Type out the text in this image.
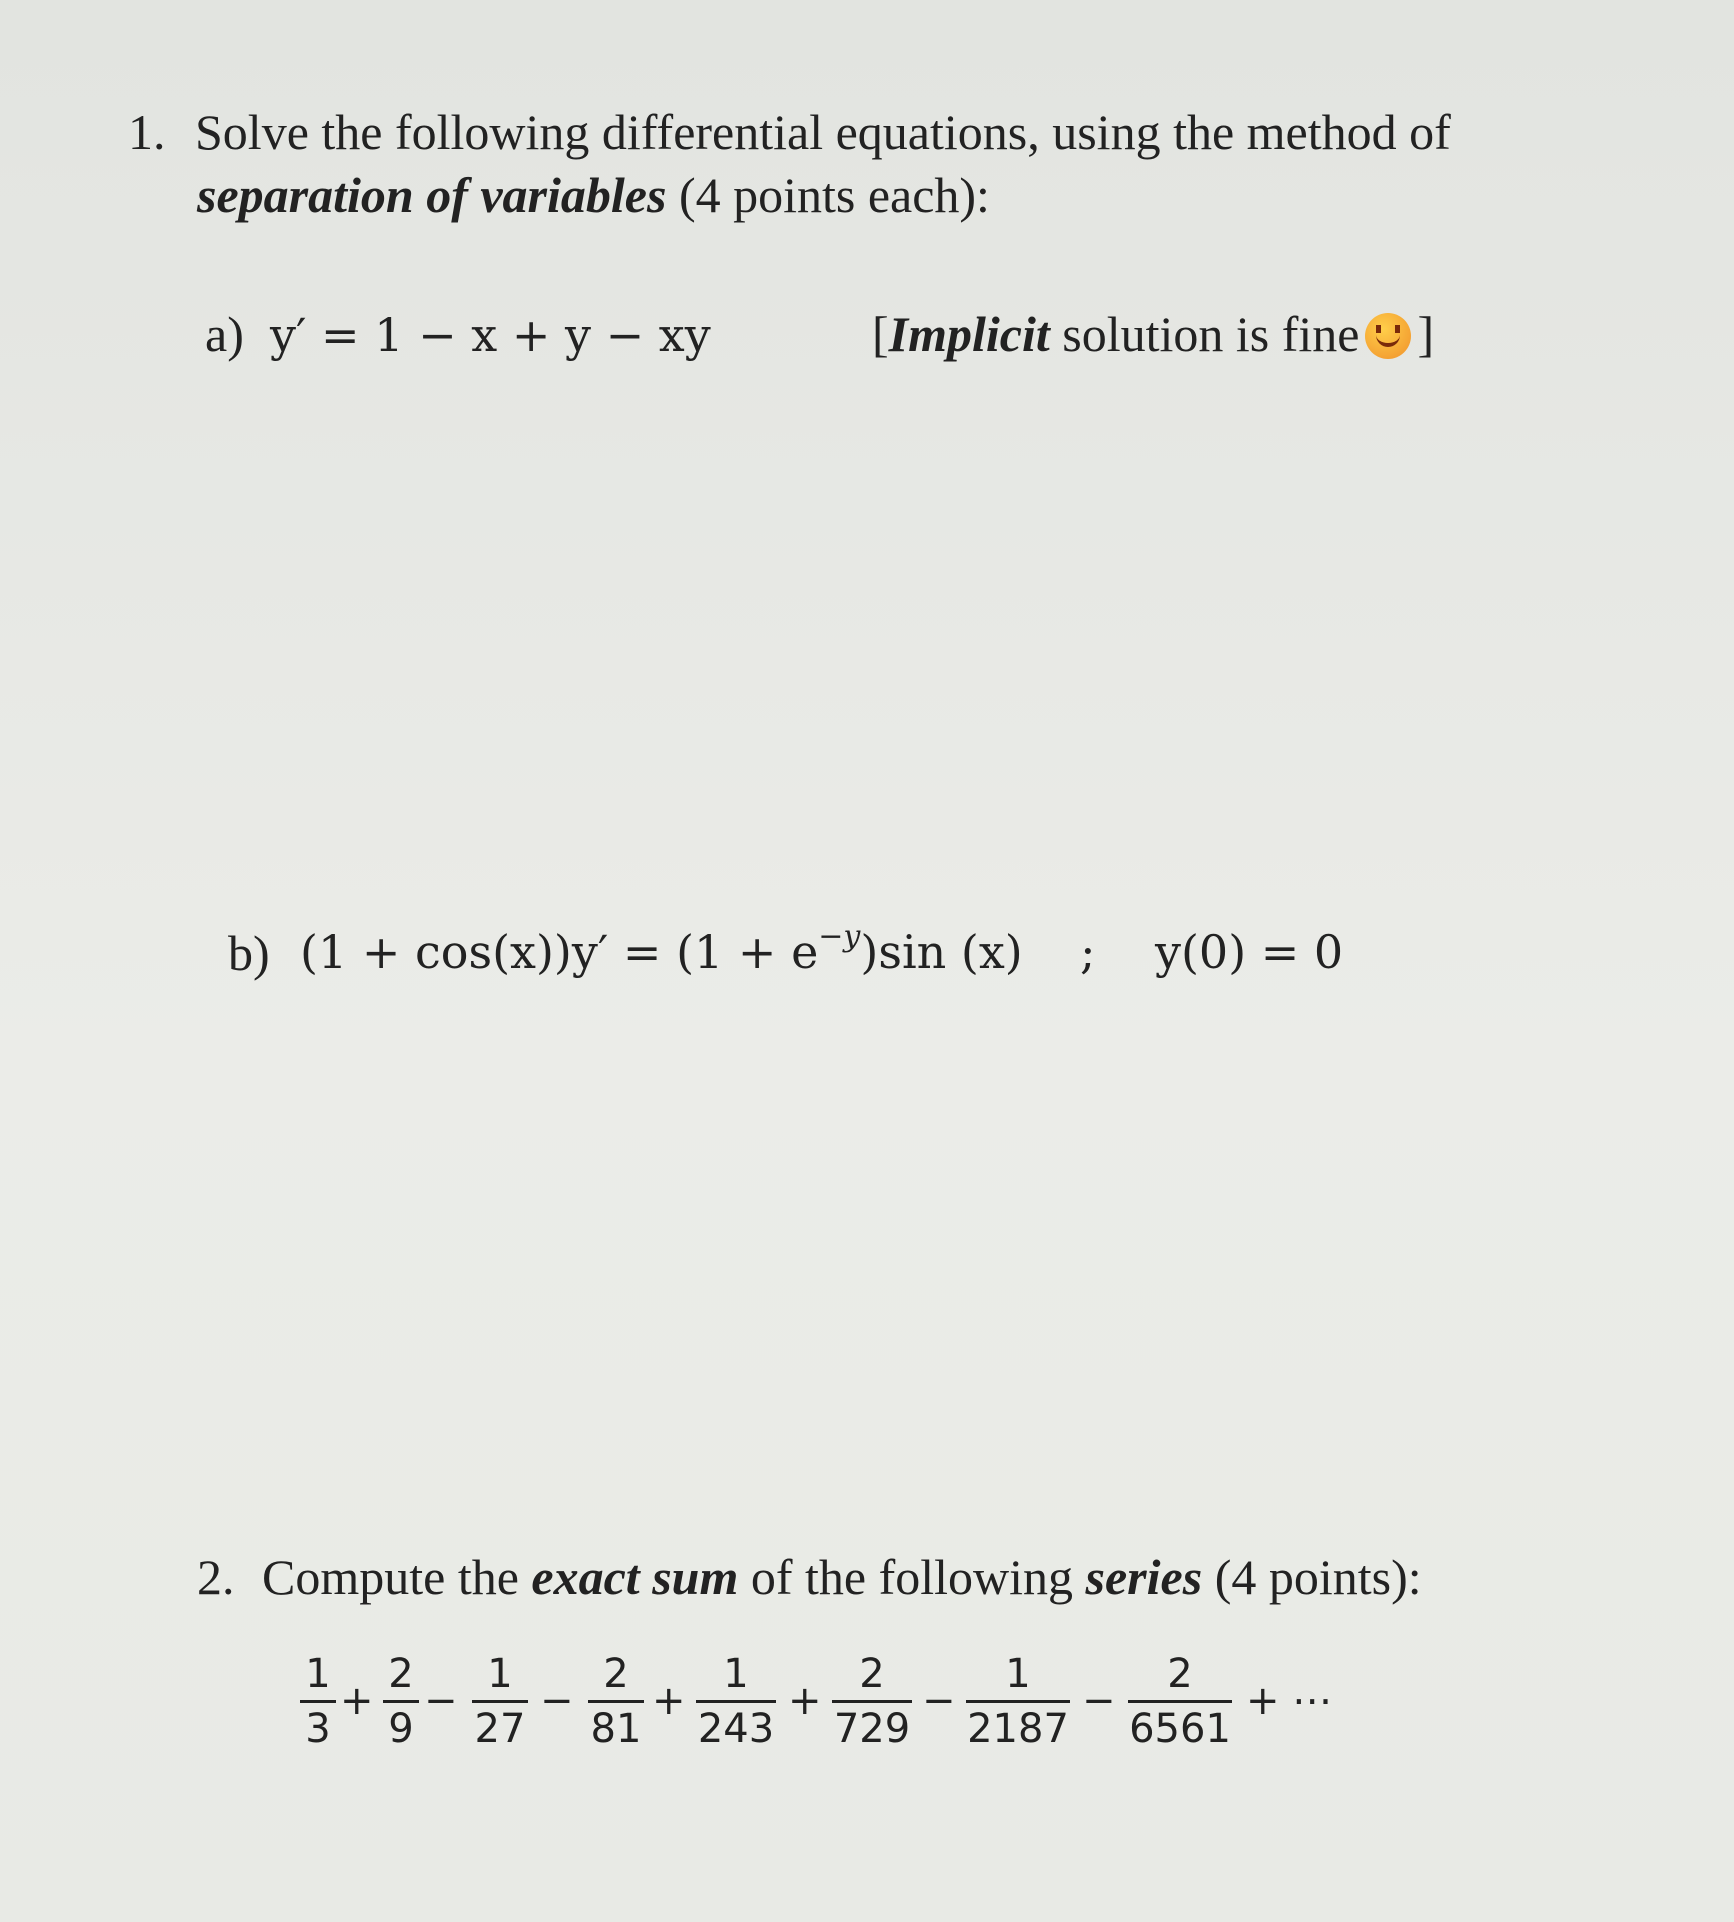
1. Solve the following differential equations, using the method of
separation of variables (4 points each):
a) y′ = 1 − x + y − xy	[Implicit solution is fine ]
b) $(1 + \cos(x))y' = (1 + e^{-y})\sin$ (x) ; y(0) = 0
2. Compute the exact sum of the following series (4 points):
1
3
+
2
9
−
1
27
−
2
81
+
1
243
+
2
729
−
1
2187
−
2
6561
+ ⋯
